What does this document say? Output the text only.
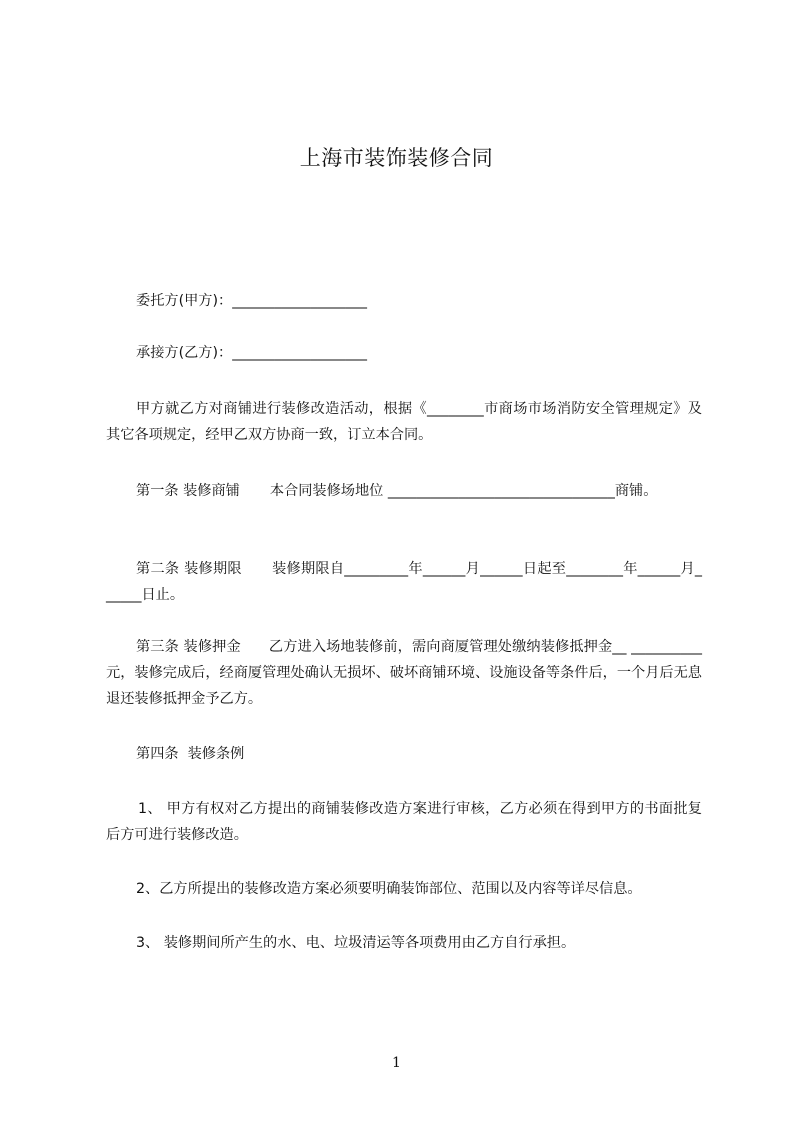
上海市装饰装修合同
委托方(甲方)：___________________
承接方(乙方)：___________________
甲方就乙方对商铺进行装修改造活动，根据《________市商场市场消防安全管理规定》及其它各项规定，经甲乙双方协商一致，订立本合同。
第一条 装修商铺 本合同装修场地位 ________________________________商铺。
第二条 装修期限 装修期限自_________年______月______日起至________年______月______日止。
第三条 装修押金 乙方进入场地装修前，需向商厦管理处缴纳装修抵押金__ __________元，装修完成后，经商厦管理处确认无损坏、破坏商铺环境、设施设备等条件后，一个月后无息退还装修抵押金予乙方。
第四条  装修条例
1、 甲方有权对乙方提出的商铺装修改造方案进行审核，乙方必须在得到甲方的书面批复后方可进行装修改造。
2、乙方所提出的装修改造方案必须要明确装饰部位、范围以及内容等详尽信息。
3、 装修期间所产生的水、电、垃圾清运等各项费用由乙方自行承担。
1
